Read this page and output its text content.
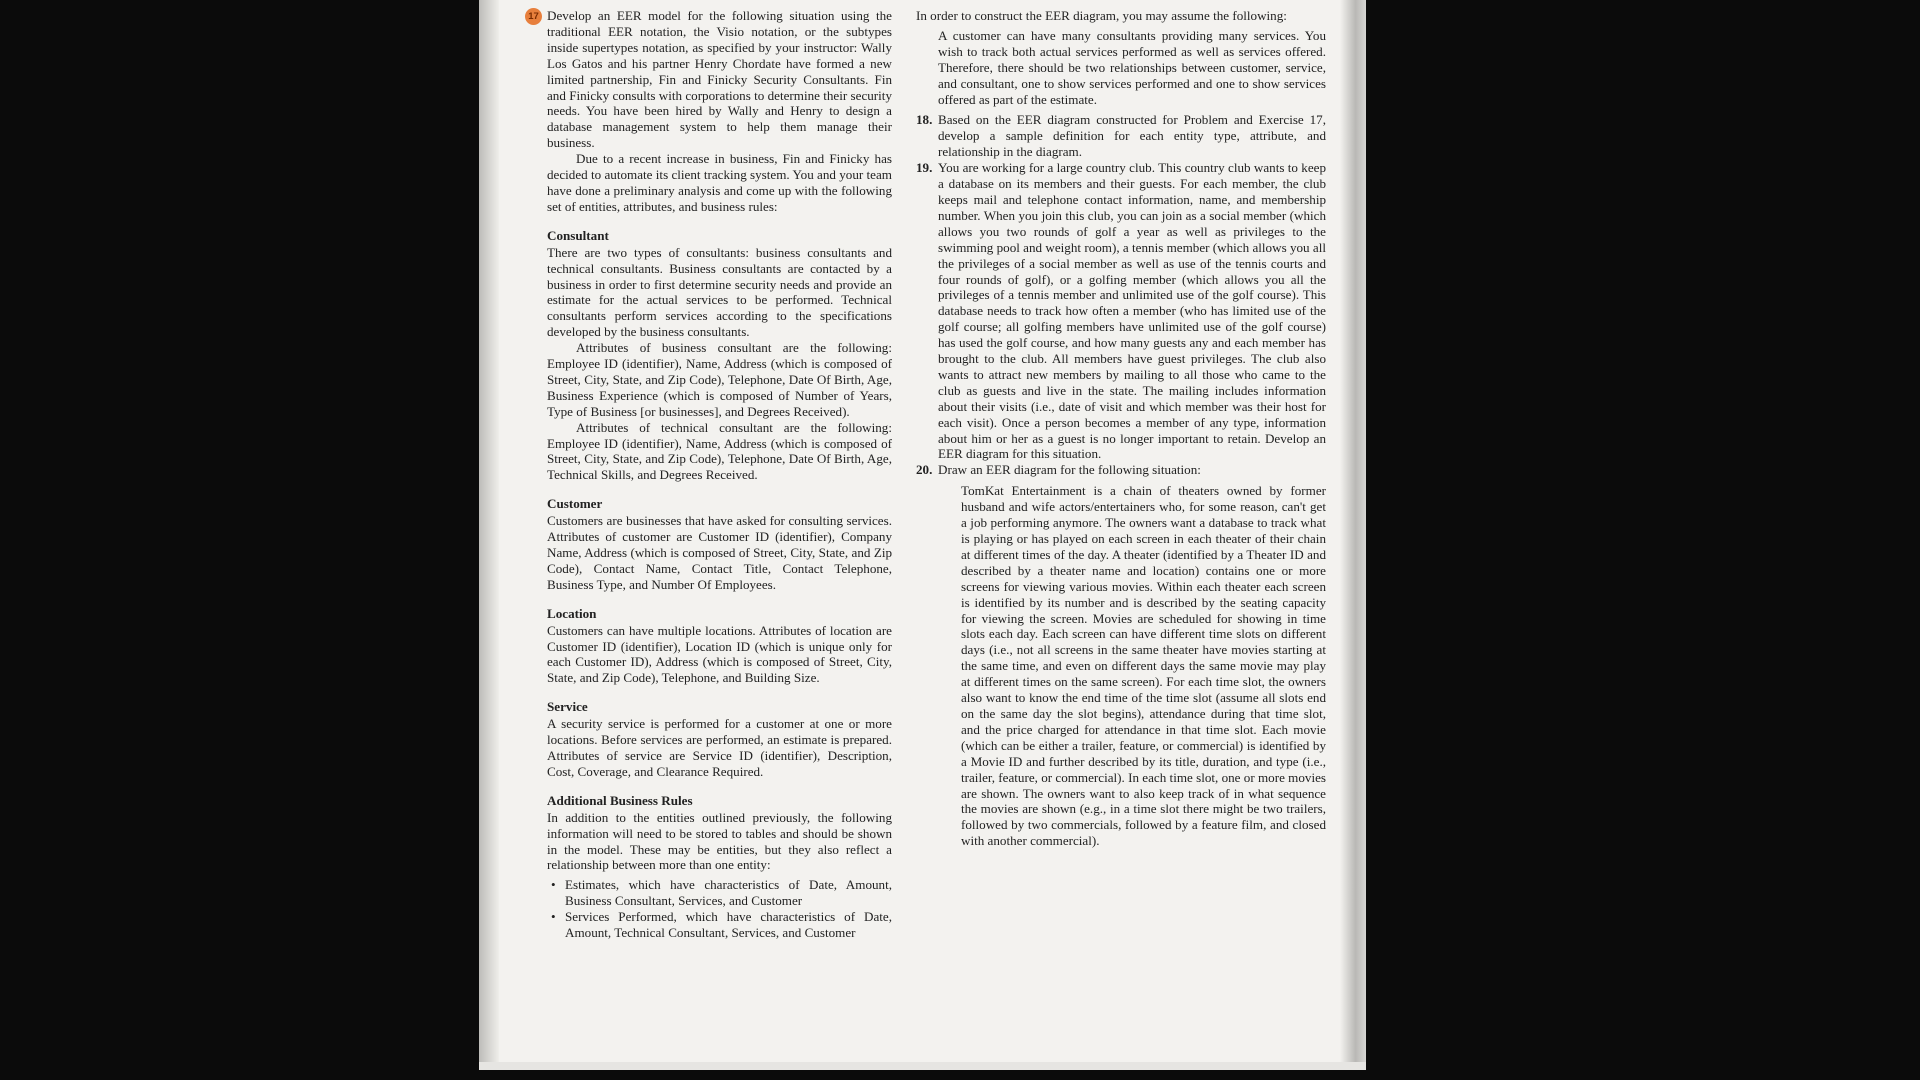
17 Develop an EER model for the following situation using the traditional EER notation, the Visio notation, or the subtypes inside supertypes notation, as specified by your instructor: Wally Los Gatos and his partner Henry Chordate have formed a new limited partnership, Fin and Finicky Security Consultants. Fin and Finicky consults with corporations to determine their security needs. You have been hired by Wally and Henry to design a database management system to help them manage their business.

Due to a recent increase in business, Fin and Finicky has decided to automate its client tracking system. You and your team have done a preliminary analysis and come up with the following set of entities, attributes, and business rules:

Consultant

There are two types of consultants: business consultants and technical consultants. Business consultants are contacted by a business in order to first determine security needs and provide an estimate for the actual services to be performed. Technical consultants perform services according to the specifications developed by the business consultants.

Attributes of business consultant are the following: Employee ID (identifier), Name, Address (which is composed of Street, City, State, and Zip Code), Telephone, Date Of Birth, Age, Business Experience (which is composed of Number of Years, Type of Business [or businesses], and Degrees Received).

Attributes of technical consultant are the following: Employee ID (identifier), Name, Address (which is composed of Street, City, State, and Zip Code), Telephone, Date Of Birth, Age, Technical Skills, and Degrees Received.

Customer

Customers are businesses that have asked for consulting services. Attributes of customer are Customer ID (identifier), Company Name, Address (which is composed of Street, City, State, and Zip Code), Contact Name, Contact Title, Contact Telephone, Business Type, and Number Of Employees.

Location

Customers can have multiple locations. Attributes of location are Customer ID (identifier), Location ID (which is unique only for each Customer ID), Address (which is composed of Street, City, State, and Zip Code), Telephone, and Building Size.

Service

A security service is performed for a customer at one or more locations. Before services are performed, an estimate is prepared. Attributes of service are Service ID (identifier), Description, Cost, Coverage, and Clearance Required.

Additional Business Rules

In addition to the entities outlined previously, the following information will need to be stored to tables and should be shown in the model. These may be entities, but they also reflect a relationship between more than one entity:

• Estimates, which have characteristics of Date, Amount, Business Consultant, Services, and Customer
• Services Performed, which have characteristics of Date, Amount, Technical Consultant, Services, and Customer

In order to construct the EER diagram, you may assume the following:

A customer can have many consultants providing many services. You wish to track both actual services performed as well as services offered. Therefore, there should be two relationships between customer, service, and consultant, one to show services performed and one to show services offered as part of the estimate.

18. Based on the EER diagram constructed for Problem and Exercise 17, develop a sample definition for each entity type, attribute, and relationship in the diagram.
19. You are working for a large country club. This country club wants to keep a database on its members and their guests. For each member, the club keeps mail and telephone contact information, name, and membership number. When you join this club, you can join as a social member (which allows you two rounds of golf a year as well as privileges to the swimming pool and weight room), a tennis member (which allows you all the privileges of a social member as well as use of the tennis courts and four rounds of golf), or a golfing member (which allows you all the privileges of a tennis member and unlimited use of the golf course). This database needs to track how often a member (who has limited use of the golf course; all golfing members have unlimited use of the golf course) has used the golf course, and how many guests any and each member has brought to the club. All members have guest privileges. The club also wants to attract new members by mailing to all those who came to the club as guests and live in the state. The mailing includes information about their visits (i.e., date of visit and which member was their host for each visit). Once a person becomes a member of any type, information about him or her as a guest is no longer important to retain. Develop an EER diagram for this situation.
20. Draw an EER diagram for the following situation:

TomKat Entertainment is a chain of theaters owned by former husband and wife actors/entertainers who, for some reason, can't get a job performing anymore. The owners want a database to track what is playing or has played on each screen in each theater of their chain at different times of the day. A theater (identified by a Theater ID and described by a theater name and location) contains one or more screens for viewing various movies. Within each theater each screen is identified by its number and is described by the seating capacity for viewing the screen. Movies are scheduled for showing in time slots each day. Each screen can have different time slots on different days (i.e., not all screens in the same theater have movies starting at the same time, and even on different days the same movie may play at different times on the same screen). For each time slot, the owners also want to know the end time of the time slot (assume all slots end on the same day the slot begins), attendance during that time slot, and the price charged for attendance in that time slot. Each movie (which can be either a trailer, feature, or commercial) is identified by a Movie ID and further described by its title, duration, and type (i.e., trailer, feature, or commercial). In each time slot, one or more movies are shown. The owners want to also keep track of in what sequence the movies are shown (e.g., in a time slot there might be two trailers, followed by two commercials, followed by a feature film, and closed with another commercial).
